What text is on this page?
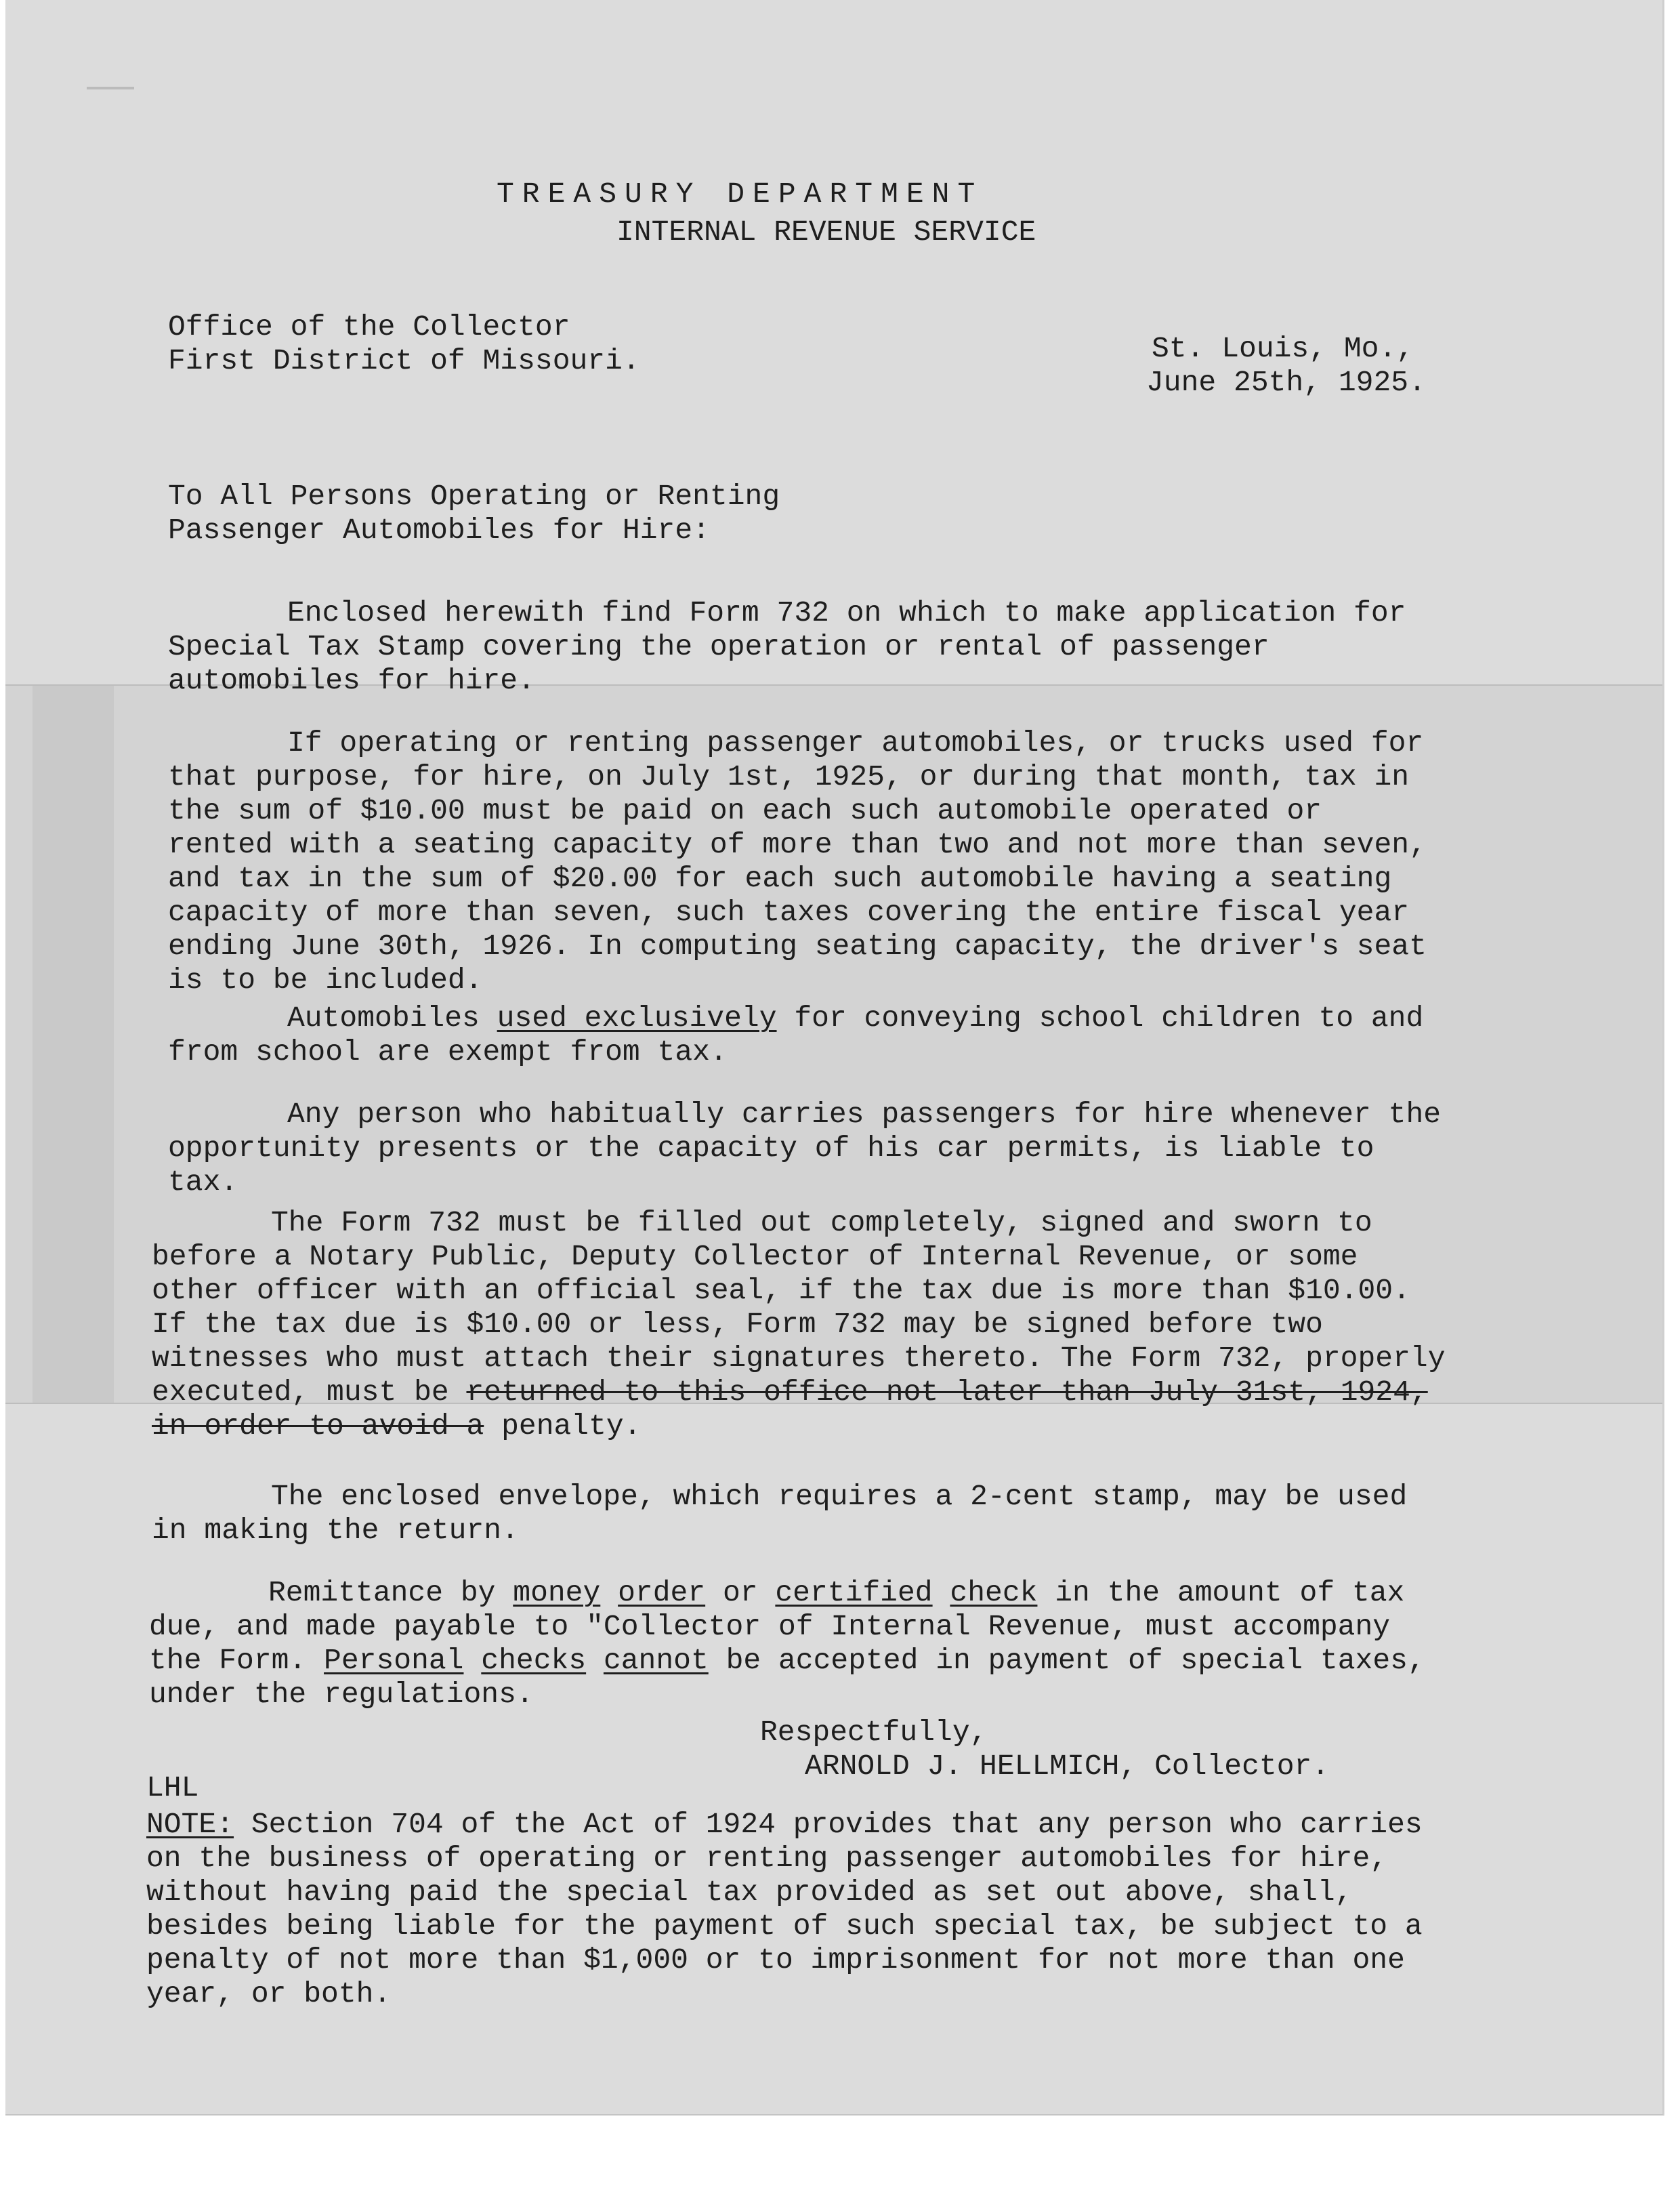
TREASURY DEPARTMENT
INTERNAL REVENUE SERVICE
Office of the Collector
First District of Missouri.	St. Louis, Mo.,
June 25th, 1925.
To All Persons Operating or Renting
Passenger Automobiles for Hire:
Enclosed herewith find Form 732 on which to make application for Special Tax Stamp covering the operation or rental of passenger automobiles for hire.
If operating or renting passenger automobiles, or trucks used for that purpose, for hire, on July 1st, 1925, or during that month, tax in the sum of $10.00 must be paid on each such automobile operated or rented with a seating capacity of more than two and not more than seven, and tax in the sum of $20.00 for each such automobile having a seating capacity of more than seven, such taxes covering the entire fiscal year ending June 30th, 1926. In computing seating capacity, the driver's seat is to be included.
Automobiles used exclusively for conveying school children to and from school are exempt from tax.
Any person who habitually carries passengers for hire whenever the opportunity presents or the capacity of his car permits, is liable to tax.
The Form 732 must be filled out completely, signed and sworn to before a Notary Public, Deputy Collector of Internal Revenue, or some other officer with an official seal, if the tax due is more than $10.00. If the tax due is $10.00 or less, Form 732 may be signed before two witnesses who must attach their signatures thereto. The Form 732, properly executed, must be returned to this office not later than July 31st, 1924, in order to avoid a penalty.
The enclosed envelope, which requires a 2-cent stamp, may be used in making the return.
Remittance by money order or certified check in the amount of tax due, and made payable to "Collector of Internal Revenue, must accompany the Form. Personal checks cannot be accepted in payment of special taxes, under the regulations.
Respectfully,
ARNOLD J. HELLMICH, Collector.
LHL
NOTE: Section 704 of the Act of 1924 provides that any person who carries on the business of operating or renting passenger automobiles for hire, without having paid the special tax provided as set out above, shall, besides being liable for the payment of such special tax, be subject to a penalty of not more than $1,000 or to imprisonment for not more than one year, or both.
